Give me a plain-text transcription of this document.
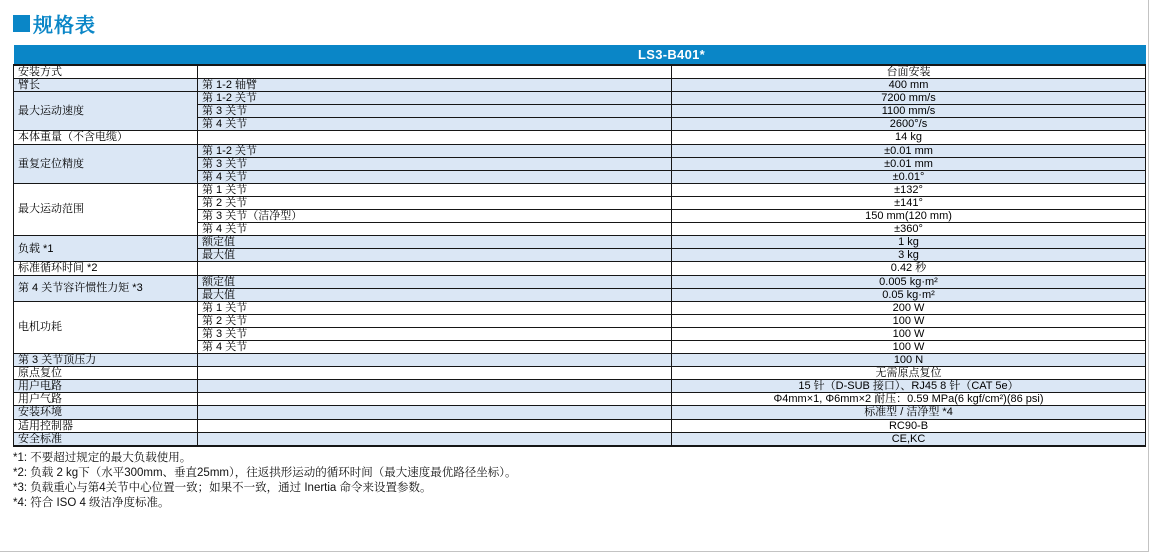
规格表
	LS3-B401*	
安装方式		台面安装
臂长	第 1-2 轴臂	400 mm
最大运动速度	第 1-2 关节	7200 mm/s
	第 3 关节	1100 mm/s
	第 4 关节	2600°/s
本体重量（不含电缆）		14 kg
重复定位精度	第 1-2 关节	±0.01 mm
	第 3 关节	±0.01 mm
	第 4 关节	±0.01°
最大运动范围	第 1 关节	±132°
	第 2 关节	±141°
	第 3 关节（洁净型）	150 mm(120 mm)
	第 4 关节	±360°
负载 *1	额定值	1 kg
	最大值	3 kg
标准循环时间 *2		0.42 秒
第 4 关节容许惯性力矩 *3	额定值	0.005 kg·m²
	最大值	0.05 kg·m²
电机功耗	第 1 关节	200 W
	第 2 关节	100 W
	第 3 关节	100 W
	第 4 关节	100 W
第 3 关节顶压力		100 N
原点复位		无需原点复位
用户电路		15 针（D-SUB 接口）、RJ45 8 针（CAT 5e）
用户气路		Φ4mm×1, Φ6mm×2 耐压：0.59 MPa(6 kgf/cm²)(86 psi)
安装环境		标准型 / 洁净型 *4
适用控制器		RC90-B
安全标准		CE,KC
*1: 不要超过规定的最大负载使用。
*2: 负载 2 kg下（水平300mm、垂直25mm），往返拱形运动的循环时间（最大速度最优路径坐标）。
*3: 负载重心与第4关节中心位置一致；如果不一致，通过 Inertia 命令来设置参数。
*4: 符合 ISO 4 级洁净度标准。
